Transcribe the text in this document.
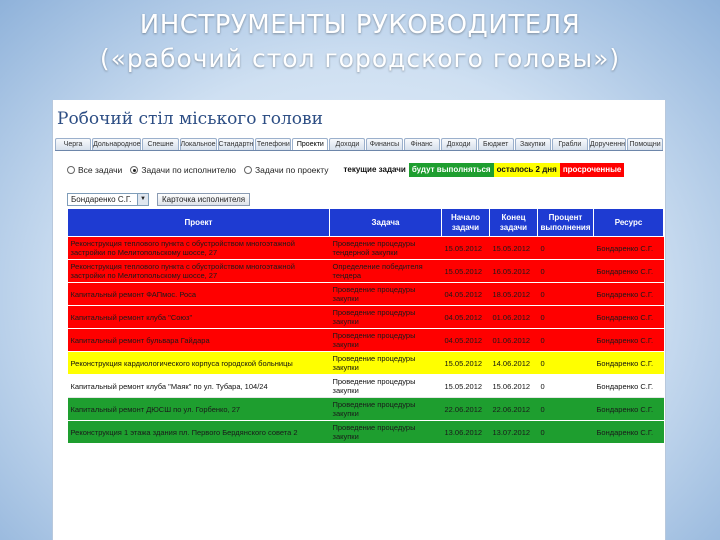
ИНСТРУМЕНТЫ РУКОВОДИТЕЛЯ
(«рабочий стол городского головы»)
Робочий стіл міського голови
Черга	Дольнародное Спешне Локальное Стандартн Телефони	Проекти	Доходи	Финансы	Фінанс	Доходи	Бюджет	Закупки	Грабли	Дорученнн Помощни
Все задачи Задачи по исполнителю Задачи по проекту	текущие задачи будут выполняться осталось 2 дня просроченные
Бондаренко С.Г.	▼	Карточка исполнителя
Проект	Задача	Начало задачи	Конец задачи	Процент выполнения	Ресурс
Реконструкция теплового пункта с обустройством многоэтажной застройки по Мелитопольскому шоссе, 27	Проведение процедуры тендерной закупки	15.05.2012	15.05.2012	0	Бондаренко С.Г.
Реконструкция теплового пункта с обустройством многоэтажной застройки по Мелитопольскому шоссе, 27	Определение победителя тендера	15.05.2012	16.05.2012	0	Бондаренко С.Г.
Капитальный ремонт ФАПмос. Роса	Проведение процедуры закупки	04.05.2012	18.05.2012	0	Бондаренко С.Г.
Капитальный ремонт клуба "Союз"	Проведение процедуры закупки	04.05.2012	01.06.2012	0	Бондаренко С.Г.
Капитальный ремонт бульвара Гайдара	Проведение процедуры закупки	04.05.2012	01.06.2012	0	Бондаренко С.Г.
Реконструкция кардиологического корпуса городской больницы	Проведение процедуры закупки	15.05.2012	14.06.2012	0	Бондаренко С.Г.
Капитальный ремонт клуба "Маяк" по ул. Тубара, 104/24	Проведение процедуры закупки	15.05.2012	15.06.2012	0	Бондаренко С.Г.
Капитальный ремонт ДЮСШ по ул. Горбенко, 27	Проведение процедуры закупки	22.06.2012	22.06.2012	0	Бондаренко С.Г.
Реконструкция 1 этажа здания пл. Первого Бердянского совета 2	Проведение процедуры закупки	13.06.2012	13.07.2012	0	Бондаренко С.Г.
